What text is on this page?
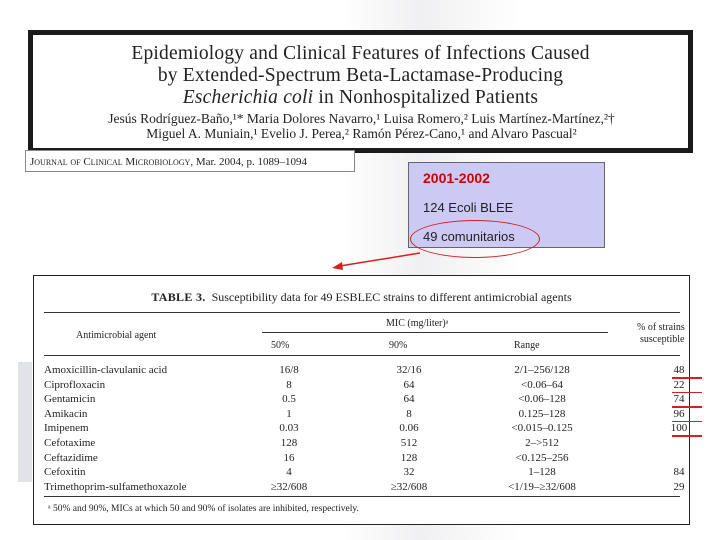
Epidemiology and Clinical Features of Infections Caused
by Extended-Spectrum Beta-Lactamase-Producing
Escherichia coli in Nonhospitalized Patients
Jesús Rodríguez-Baño,¹* Maria Dolores Navarro,¹ Luisa Romero,² Luis Martínez-Martínez,²†
Miguel A. Muniain,¹ Evelio J. Perea,² Ramón Pérez-Cano,¹ and Alvaro Pascual²
Journal of Clinical Microbiology, Mar. 2004, p. 1089–1094
2001-2002
124 Ecoli BLEE
49 comunitarios
TABLE 3. Susceptibility data for 49 ESBLEC strains to different antimicrobial agents
Antimicrobial agent
MIC (mg/liter)ᵃ
50%	90%	Range
% of strains
susceptible
Amoxicillin-clavulanic acid	16/8	32/16	2/1–256/128	48
Ciprofloxacin	8	64	<0.06–64	22
Gentamicin	0.5	64	<0.06–128	74
Amikacin	1	8	0.125–128	96
Imipenem	0.03	0.06	<0.015–0.125	100
Cefotaxime	128	512	2–>512
Ceftazidime	16	128	<0.125–256
Cefoxitin	4	32	1–128	84
Trimethoprim-sulfamethoxazole	≥32/608	≥32/608	<1/19–≥32/608	29
ᵃ 50% and 90%, MICs at which 50 and 90% of isolates are inhibited, respectively.
